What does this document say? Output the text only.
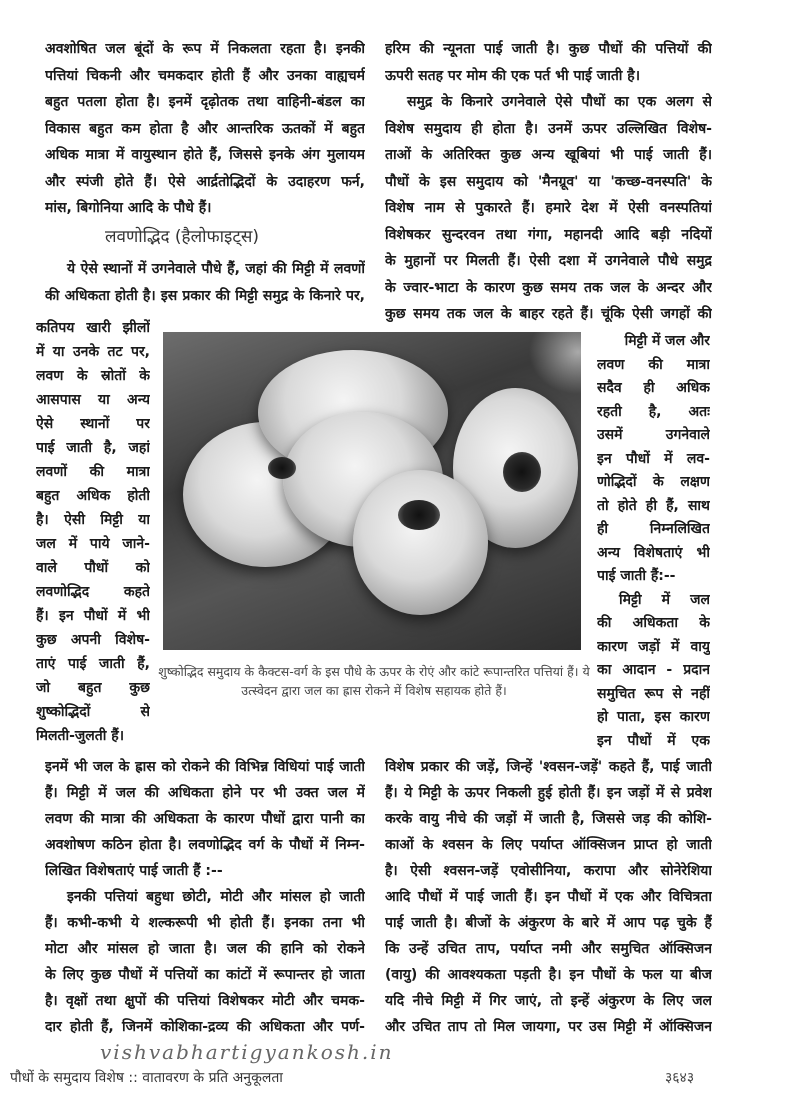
अवशोषित जल बूंदों के रूप में निकलता रहता है। इनकी
पत्तियां चिकनी और चमकदार होती हैं और उनका वाह्यचर्म
बहुत पतला होता है। इनमें दृढ़ोतक तथा वाहिनी-बंडल का
विकास बहुत कम होता है और आन्तरिक ऊतकों में बहुत
अधिक मात्रा में वायुस्थान होते हैं, जिससे इनके अंग मुलायम
और स्पंजी होते हैं। ऐसे आर्द्रतोद्भिदों के उदाहरण फर्न,
मांस, बिगोनिया आदि के पौधे हैं।
लवणोद्भिद (हैलोफाइट्स)
ये ऐसे स्थानों में उगनेवाले पौधे हैं, जहां की मिट्टी में लवणों
की अधिकता होती है। इस प्रकार की मिट्टी समुद्र के किनारे पर,
कतिपय खारी झीलों
में या उनके तट पर,
लवण के स्रोतों के
आसपास या अन्य
ऐसे स्थानों पर
पाई जाती है, जहां
लवणों की मात्रा
बहुत अधिक होती
है। ऐसी मिट्टी या
जल में पाये जाने-
वाले पौधों को
लवणोद्भिद कहते
हैं। इन पौधों में भी
कुछ अपनी विशेष-
ताएं पाई जाती हैं,
जो बहुत कुछ
शुष्कोद्भिदों से
मिलती-जुलती हैं।
हरिम की न्यूनता पाई जाती है। कुछ पौधों की पत्तियों की
ऊपरी सतह पर मोम की एक पर्त भी पाई जाती है।
समुद्र के किनारे उगनेवाले ऐसे पौधों का एक अलग से
विशेष समुदाय ही होता है। उनमें ऊपर उल्लिखित विशेष-
ताओं के अतिरिक्त कुछ अन्य खूबियां भी पाई जाती हैं।
पौधों के इस समुदाय को 'मैनग्रूव' या 'कच्छ-वनस्पति' के
विशेष नाम से पुकारते हैं। हमारे देश में ऐसी वनस्पतियां
विशेषकर सुन्दरवन तथा गंगा, महानदी आदि बड़ी नदियों
के मुहानों पर मिलती हैं। ऐसी दशा में उगनेवाले पौधे समुद्र
के ज्वार-भाटा के कारण कुछ समय तक जल के अन्दर और
कुछ समय तक जल के बाहर रहते हैं। चूंकि ऐसी जगहों की
मिट्टी में जल और
लवण की मात्रा
सदैव ही अधिक
रहती है, अतः
उसमें उगनेवाले
इन पौधों में लव-
णोद्भिदों के लक्षण
तो होते ही हैं, साथ
ही निम्नलिखित
अन्य विशेषताएं भी
पाई जाती हैं:--
मिट्टी में जल
की अधिकता के
कारण जड़ों में वायु
का आदान - प्रदान
समुचित रूप से नहीं
हो पाता, इस कारण
इन पौधों में एक
शुष्कोद्भिद समुदाय के कैक्टस-वर्ग के इस पौधे के ऊपर के रोएं और कांटे रूपान्तरित पत्तियां हैं। ये उत्स्वेदन द्वारा जल का ह्रास रोकने में विशेष सहायक होते हैं।
इनमें भी जल के ह्रास को रोकने की विभिन्न विधियां पाई जाती
हैं। मिट्टी में जल की अधिकता होने पर भी उक्त जल में
लवण की मात्रा की अधिकता के कारण पौधों द्वारा पानी का
अवशोषण कठिन होता है। लवणोद्भिद वर्ग के पौधों में निम्न-
लिखित विशेषताएं पाई जाती हैं :--
इनकी पत्तियां बहुधा छोटी, मोटी और मांसल हो जाती
हैं। कभी-कभी ये शल्करूपी भी होती हैं। इनका तना भी
मोटा और मांसल हो जाता है। जल की हानि को रोकने
के लिए कुछ पौधों में पत्तियों का कांटों में रूपान्तर हो जाता
है। वृक्षों तथा क्षुपों की पत्तियां विशेषकर मोटी और चमक-
दार होती हैं, जिनमें कोशिका-द्रव्य की अधिकता और पर्ण-
विशेष प्रकार की जड़ें, जिन्हें 'श्वसन-जड़ें' कहते हैं, पाई जाती
हैं। ये मिट्टी के ऊपर निकली हुई होती हैं। इन जड़ों में से प्रवेश
करके वायु नीचे की जड़ों में जाती है, जिससे जड़ की कोशि-
काओं के श्वसन के लिए पर्याप्त ऑक्सिजन प्राप्त हो जाती
है। ऐसी श्वसन-जड़ें एवोसीनिया, करापा और सोनेरेशिया
आदि पौधों में पाई जाती हैं। इन पौधों में एक और विचित्रता
पाई जाती है। बीजों के अंकुरण के बारे में आप पढ़ चुके हैं
कि उन्हें उचित ताप, पर्याप्त नमी और समुचित ऑक्सिजन
(वायु) की आवश्यकता पड़ती है। इन पौधों के फल या बीज
यदि नीचे मिट्टी में गिर जाएं, तो इन्हें अंकुरण के लिए जल
और उचित ताप तो मिल जायगा, पर उस मिट्टी में ऑक्सिजन
vishvabhartigyankosh.in
पौधों के समुदाय विशेष :: वातावरण के प्रति अनुकूलता	३६४३
